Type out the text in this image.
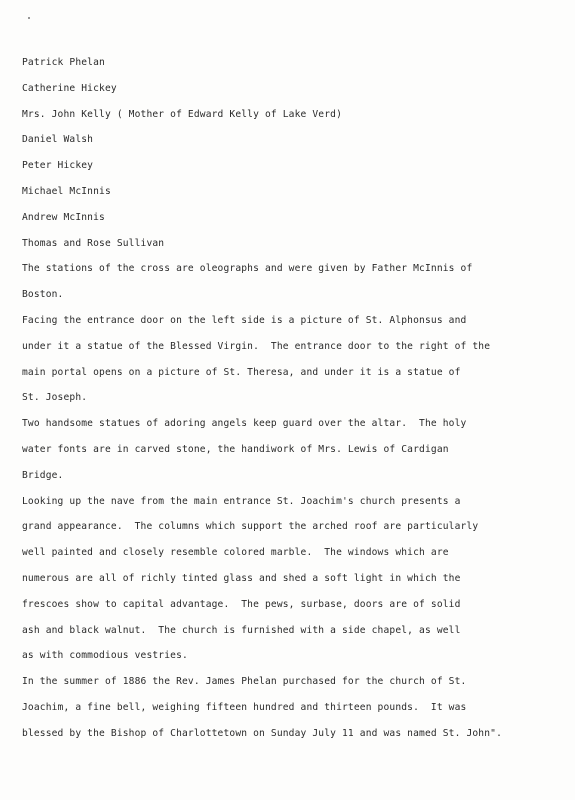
Patrick Phelan
Catherine Hickey
Mrs. John Kelly ( Mother of Edward Kelly of Lake Verd)
Daniel Walsh
Peter Hickey
Michael McInnis
Andrew McInnis
Thomas and Rose Sullivan
The stations of the cross are oleographs and were given by Father McInnis of
Boston.
Facing the entrance door on the left side is a picture of St. Alphonsus and
under it a statue of the Blessed Virgin.  The entrance door to the right of the
main portal opens on a picture of St. Theresa, and under it is a statue of
St. Joseph.
Two handsome statues of adoring angels keep guard over the altar.  The holy
water fonts are in carved stone, the handiwork of Mrs. Lewis of Cardigan
Bridge.
Looking up the nave from the main entrance St. Joachim's church presents a
grand appearance.  The columns which support the arched roof are particularly
well painted and closely resemble colored marble.  The windows which are
numerous are all of richly tinted glass and shed a soft light in which the
frescoes show to capital advantage.  The pews, surbase, doors are of solid
ash and black walnut.  The church is furnished with a side chapel, as well
as with commodious vestries.
In the summer of 1886 the Rev. James Phelan purchased for the church of St.
Joachim, a fine bell, weighing fifteen hundred and thirteen pounds.  It was
blessed by the Bishop of Charlottetown on Sunday July 11 and was named St. John".
